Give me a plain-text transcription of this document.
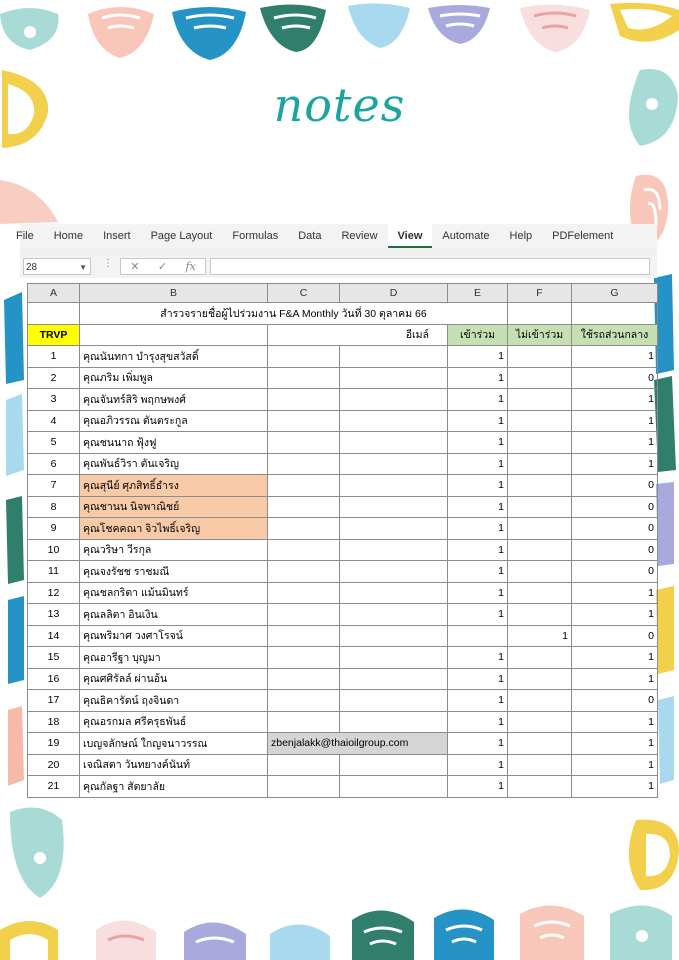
notes
File	Home	Insert	Page Layout	Formulas	Data	Review	View	Automate	Help	PDFelement
28	▼ ⋮ ✕ ✓ fx
A	B	C	D	E	F	G
	สำรวจรายชื่อผู้ไปร่วมงาน F&A Monthly วันที่ 30 ตุลาคม 66					
TRVP		อีเมล์		เข้าร่วม	ไม่เข้าร่วม	ใช้รถส่วนกลาง
1	คุณนันทกา บำรุงสุขสวัสดิ์			1		1
2	คุณภริม เพิ่มพูล			1		0
3	คุณจันทร์สิริ พฤกษพงศ์			1		1
4	คุณอภิวรรณ ตันตระกูล			1		1
5	คุณชนนาถ ฟุ้งฟู			1		1
6	คุณพันธ์วิรา ตันเจริญ			1		1
7	คุณสุนีย์ ศุภสิทธิ์ธำรง			1		0
8	คุณชานน นิจพาณิชย์			1		0
9	คุณโชคคณา จิวไพธิ์เจริญ			1		0
10	คุณวริษา วีรกุล			1		0
11	คุณจงรัชช ราชมณี			1		0
12	คุณชลกริตา แม้นมินทร์			1		1
13	คุณลลิตา อินเงิน			1		1
14	คุณพริมาศ วงศาโรจน์				1	0
15	คุณอารีฐา บุญมา			1		1
16	คุณศศิรัลล์ ผ่านอ้น			1		1
17	คุณธิคารัตน์ ฤงจินดา			1		0
18	คุณอรกมล ศรีครุธพันธ์			1		1
19	เบญจลักษณ์ ใกญจนาวรรณ	zbenjalakk@thaioilgroup.com		1		1
20	เจณิสตา วันทยางค์นันท์			1		1
21	คุณกัลฐา สัตยาลัย			1		1
